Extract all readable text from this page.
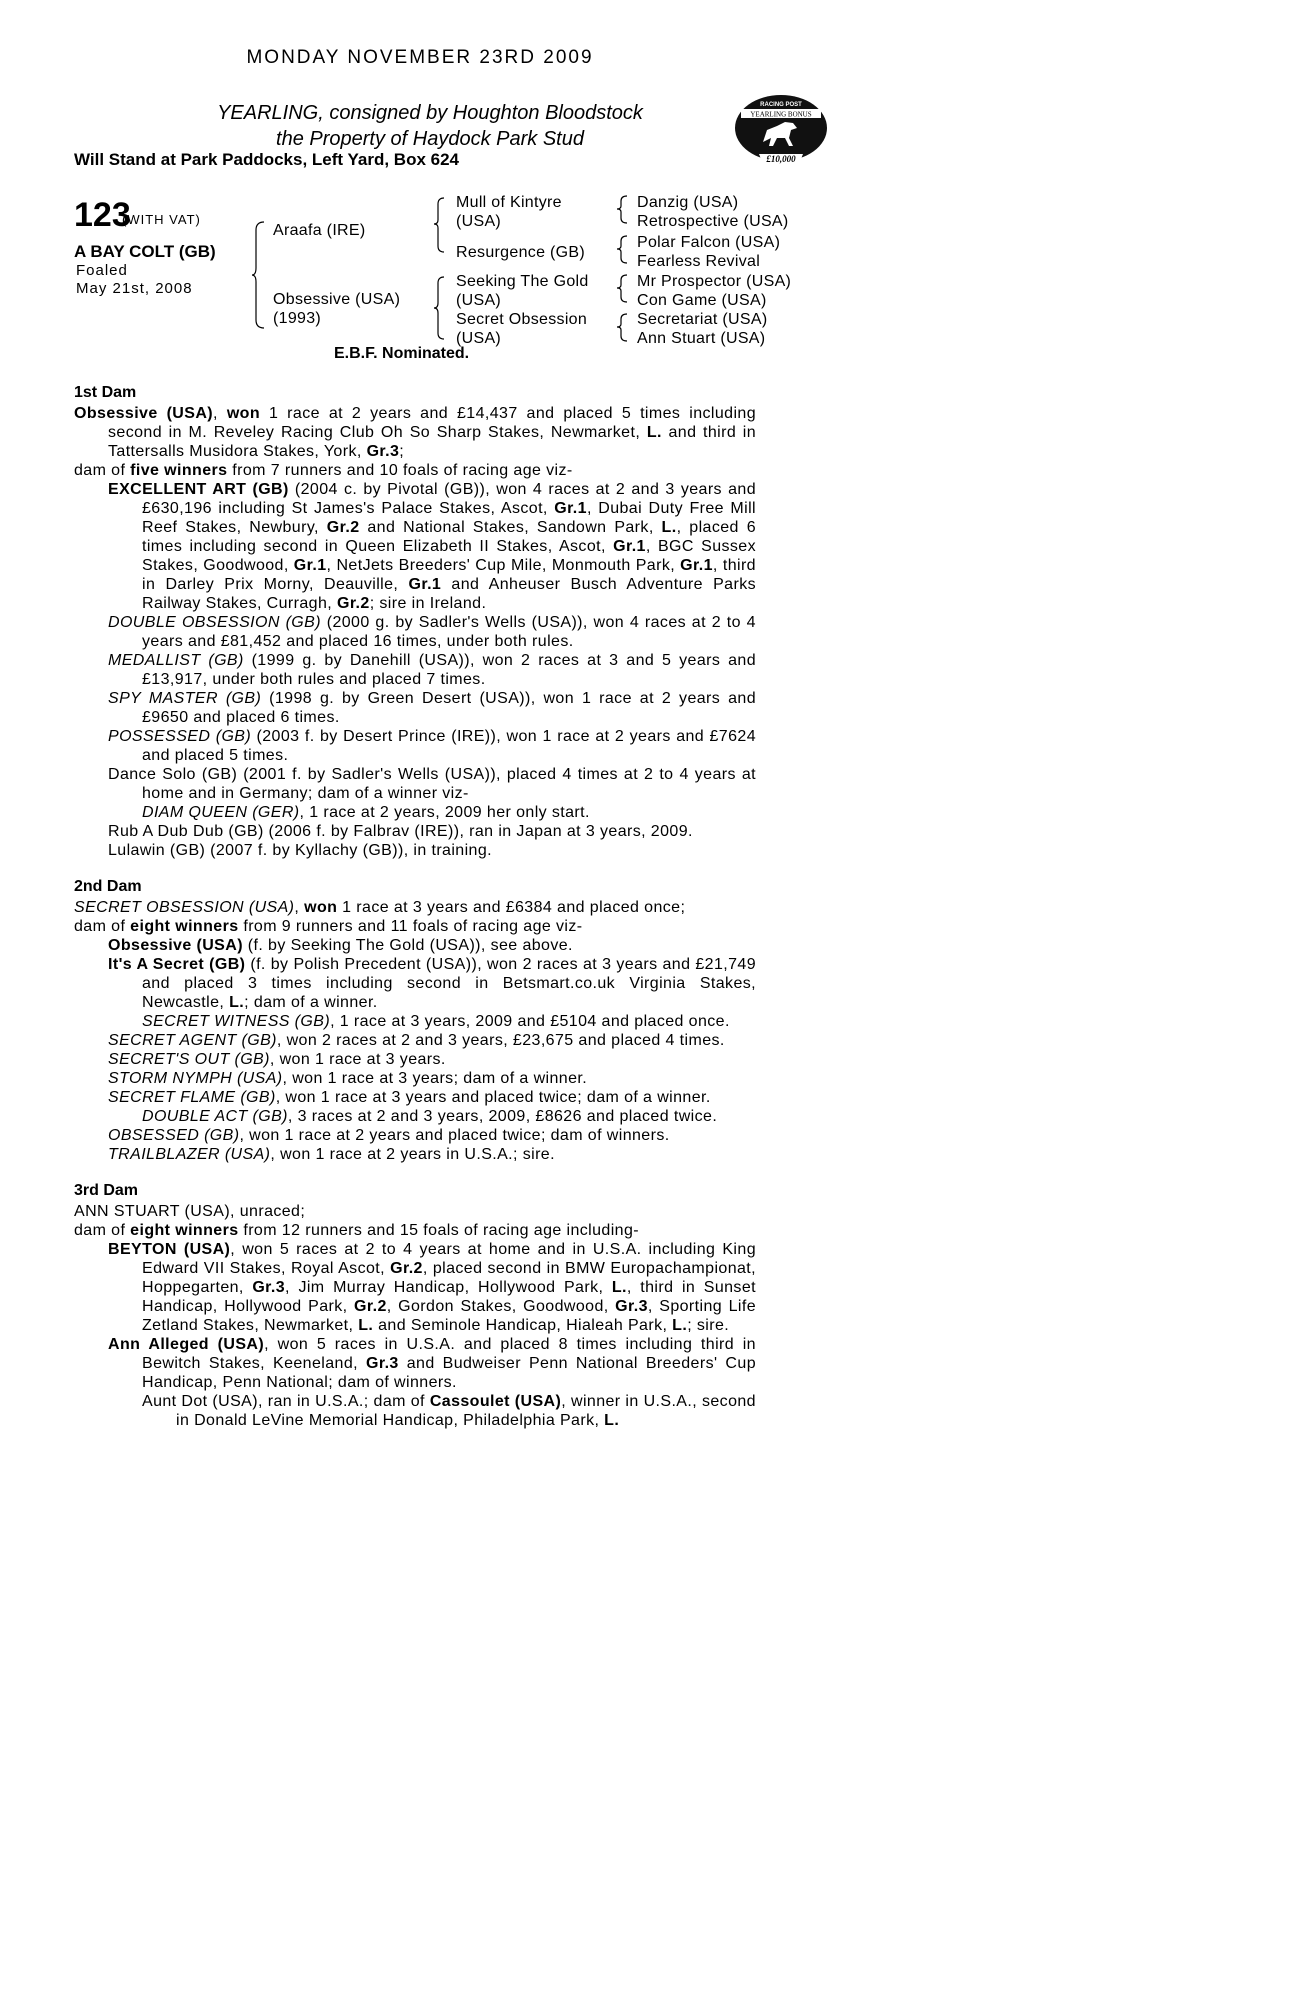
MONDAY NOVEMBER 23RD 2009
YEARLING, consigned by Houghton Bloodstock
the Property of Haydock Park Stud
Will Stand at Park Paddocks, Left Yard, Box 624
RACING POST
YEARLING BONUS
£10,000
123
(WITH VAT)
A BAY COLT (GB)
Foaled
May 21st, 2008
Araafa (IRE)
Obsessive (USA)
(1993)
Mull of Kintyre
(USA)
Resurgence (GB)
Seeking The Gold
(USA)
Secret Obsession
(USA)
Danzig (USA)
Retrospective (USA)
Polar Falcon (USA)
Fearless Revival
Mr Prospector (USA)
Con Game (USA)
Secretariat (USA)
Ann Stuart (USA)
E.B.F. Nominated.
1st Dam

Obsessive (USA), won 1 race at 2 years and £14,437 and placed 5 times including second in M. Reveley Racing Club Oh So Sharp Stakes, Newmarket, L. and third in Tattersalls Musidora Stakes, York, Gr.3;

dam of five winners from 7 runners and 10 foals of racing age viz-

EXCELLENT ART (GB) (2004 c. by Pivotal (GB)), won 4 races at 2 and 3 years and £630,196 including St James's Palace Stakes, Ascot, Gr.1, Dubai Duty Free Mill Reef Stakes, Newbury, Gr.2 and National Stakes, Sandown Park, L., placed 6 times including second in Queen Elizabeth II Stakes, Ascot, Gr.1, BGC Sussex Stakes, Goodwood, Gr.1, NetJets Breeders' Cup Mile, Monmouth Park, Gr.1, third in Darley Prix Morny, Deauville, Gr.1 and Anheuser Busch Adventure Parks Railway Stakes, Curragh, Gr.2; sire in Ireland.

DOUBLE OBSESSION (GB) (2000 g. by Sadler's Wells (USA)), won 4 races at 2 to 4 years and £81,452 and placed 16 times, under both rules.

MEDALLIST (GB) (1999 g. by Danehill (USA)), won 2 races at 3 and 5 years and £13,917, under both rules and placed 7 times.

SPY MASTER (GB) (1998 g. by Green Desert (USA)), won 1 race at 2 years and £9650 and placed 6 times.

POSSESSED (GB) (2003 f. by Desert Prince (IRE)), won 1 race at 2 years and £7624 and placed 5 times.

Dance Solo (GB) (2001 f. by Sadler's Wells (USA)), placed 4 times at 2 to 4 years at home and in Germany; dam of a winner viz-

DIAM QUEEN (GER), 1 race at 2 years, 2009 her only start.

Rub A Dub Dub (GB) (2006 f. by Falbrav (IRE)), ran in Japan at 3 years, 2009.

Lulawin (GB) (2007 f. by Kyllachy (GB)), in training.

2nd Dam

SECRET OBSESSION (USA), won 1 race at 3 years and £6384 and placed once;

dam of eight winners from 9 runners and 11 foals of racing age viz-

Obsessive (USA) (f. by Seeking The Gold (USA)), see above.

It's A Secret (GB) (f. by Polish Precedent (USA)), won 2 races at 3 years and £21,749 and placed 3 times including second in Betsmart.co.uk Virginia Stakes, Newcastle, L.; dam of a winner.

SECRET WITNESS (GB), 1 race at 3 years, 2009 and £5104 and placed once.

SECRET AGENT (GB), won 2 races at 2 and 3 years, £23,675 and placed 4 times.

SECRET'S OUT (GB), won 1 race at 3 years.

STORM NYMPH (USA), won 1 race at 3 years; dam of a winner.

SECRET FLAME (GB), won 1 race at 3 years and placed twice; dam of a winner.

DOUBLE ACT (GB), 3 races at 2 and 3 years, 2009, £8626 and placed twice.

OBSESSED (GB), won 1 race at 2 years and placed twice; dam of winners.

TRAILBLAZER (USA), won 1 race at 2 years in U.S.A.; sire.

3rd Dam

ANN STUART (USA), unraced;

dam of eight winners from 12 runners and 15 foals of racing age including-

BEYTON (USA), won 5 races at 2 to 4 years at home and in U.S.A. including King Edward VII Stakes, Royal Ascot, Gr.2, placed second in BMW Europachampionat, Hoppegarten, Gr.3, Jim Murray Handicap, Hollywood Park, L., third in Sunset Handicap, Hollywood Park, Gr.2, Gordon Stakes, Goodwood, Gr.3, Sporting Life Zetland Stakes, Newmarket, L. and Seminole Handicap, Hialeah Park, L.; sire.

Ann Alleged (USA), won 5 races in U.S.A. and placed 8 times including third in Bewitch Stakes, Keeneland, Gr.3 and Budweiser Penn National Breeders' Cup Handicap, Penn National; dam of winners.

Aunt Dot (USA), ran in U.S.A.; dam of Cassoulet (USA), winner in U.S.A., second in Donald LeVine Memorial Handicap, Philadelphia Park, L.
